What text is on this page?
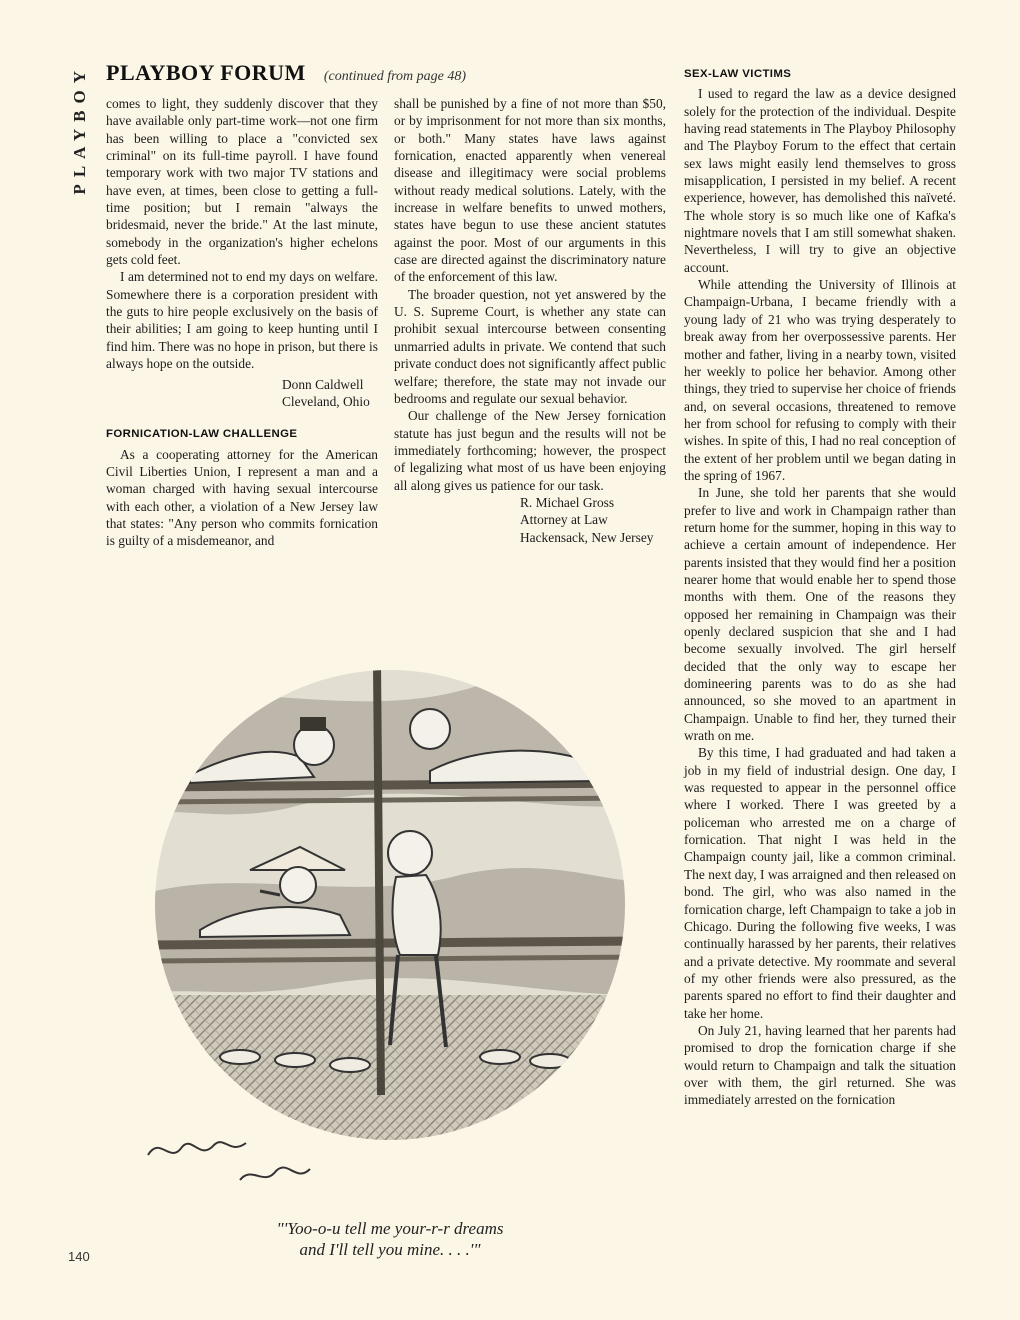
PLAYBOY PLAYBOY FORUM (continued from page 48)

comes to light, they suddenly discover that they have available only part-time work—not one firm has been willing to place a "convicted sex criminal" on its full-time payroll. I have found temporary work with two major TV stations and have even, at times, been close to getting a full-time position; but I remain "always the bridesmaid, never the bride." At the last minute, somebody in the organization's higher echelons gets cold feet.

I am determined not to end my days on welfare. Somewhere there is a corporation president with the guts to hire people exclusively on the basis of their abilities; I am going to keep hunting until I find him. There was no hope in prison, but there is always hope on the outside.

Donn Caldwell

Cleveland, Ohio

FORNICATION-LAW CHALLENGE

As a cooperating attorney for the American Civil Liberties Union, I represent a man and a woman charged with having sexual intercourse with each other, a violation of a New Jersey law that states: "Any person who commits fornication is guilty of a misdemeanor, and

shall be punished by a fine of not more than $50, or by imprisonment for not more than six months, or both." Many states have laws against fornication, enacted apparently when venereal disease and illegitimacy were social problems without ready medical solutions. Lately, with the increase in welfare benefits to unwed mothers, states have begun to use these ancient statutes against the poor. Most of our arguments in this case are directed against the discriminatory nature of the enforcement of this law.

The broader question, not yet answered by the U. S. Supreme Court, is whether any state can prohibit sexual intercourse between consenting unmarried adults in private. We contend that such private conduct does not significantly affect public welfare; therefore, the state may not invade our bedrooms and regulate our sexual behavior.

Our challenge of the New Jersey fornication statute has just begun and the results will not be immediately forthcoming; however, the prospect of legalizing what most of us have been enjoying all along gives us patience for our task.

R. Michael Gross

Attorney at Law

Hackensack, New Jersey

SEX-LAW VICTIMS

I used to regard the law as a device designed solely for the protection of the individual. Despite having read statements in The Playboy Philosophy and The Playboy Forum to the effect that certain sex laws might easily lend themselves to gross misapplication, I persisted in my belief. A recent experience, however, has demolished this naïveté. The whole story is so much like one of Kafka's nightmare novels that I am still somewhat shaken. Nevertheless, I will try to give an objective account.

While attending the University of Illinois at Champaign-Urbana, I became friendly with a young lady of 21 who was trying desperately to break away from her overpossessive parents. Her mother and father, living in a nearby town, visited her weekly to police her behavior. Among other things, they tried to supervise her choice of friends and, on several occasions, threatened to remove her from school for refusing to comply with their wishes. In spite of this, I had no real conception of the extent of her problem until we began dating in the spring of 1967.

In June, she told her parents that she would prefer to live and work in Champaign rather than return home for the summer, hoping in this way to achieve a certain amount of independence. Her parents insisted that they would find her a position nearer home that would enable her to spend those months with them. One of the reasons they opposed her remaining in Champaign was their openly declared suspicion that she and I had become sexually involved. The girl herself decided that the only way to escape her domineering parents was to do as she had announced, so she moved to an apartment in Champaign. Unable to find her, they turned their wrath on me.

By this time, I had graduated and had taken a job in my field of industrial design. One day, I was requested to appear in the personnel office where I worked. There I was greeted by a policeman who arrested me on a charge of fornication. That night I was held in the Champaign county jail, like a common criminal. The next day, I was arraigned and then released on bond. The girl, who was also named in the fornication charge, left Champaign to take a job in Chicago. During the following five weeks, I was continually harassed by her parents, their relatives and a private detective. My roommate and several of my other friends were also pressured, as the parents spared no effort to find their daughter and take her home.

On July 21, having learned that her parents had promised to drop the fornication charge if she would return to Champaign and talk the situation over with them, the girl returned. She was immediately arrested on the fornication

"'Yoo-o-u tell me your-r-r dreams
and I'll tell you mine. . . .'"
140
